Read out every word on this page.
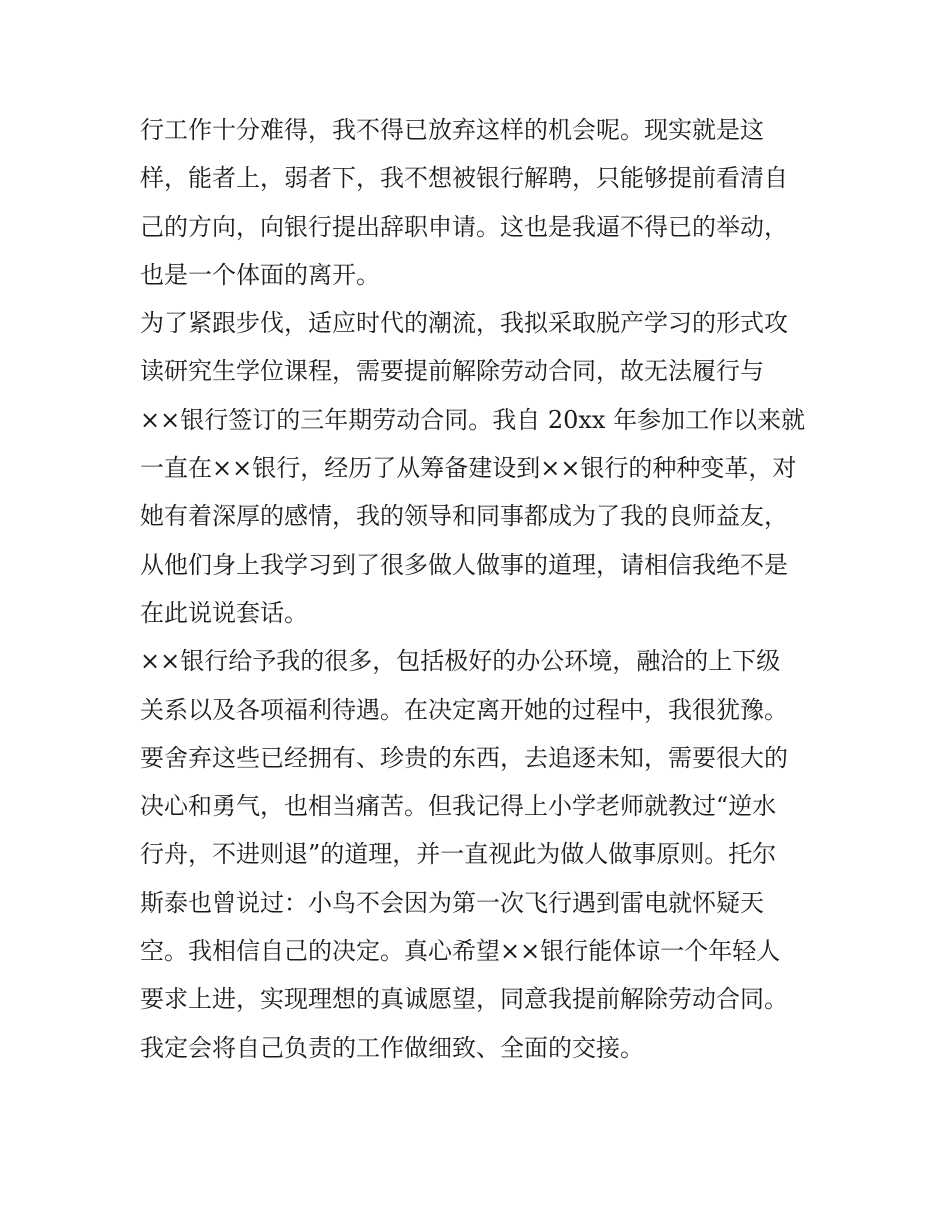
行工作十分难得，我不得已放弃这样的机会呢。现实就是这
样，能者上，弱者下，我不想被银行解聘，只能够提前看清自
己的方向，向银行提出辞职申请。这也是我逼不得已的举动，
也是一个体面的离开。
为了紧跟步伐，适应时代的潮流，我拟采取脱产学习的形式攻
读研究生学位课程，需要提前解除劳动合同，故无法履行与
××银行签订的三年期劳动合同。我自 20xx 年参加工作以来就
一直在××银行，经历了从筹备建设到××银行的种种变革，对
她有着深厚的感情，我的领导和同事都成为了我的良师益友，
从他们身上我学习到了很多做人做事的道理，请相信我绝不是
在此说说套话。
××银行给予我的很多，包括极好的办公环境，融洽的上下级
关系以及各项福利待遇。在决定离开她的过程中，我很犹豫。
要舍弃这些已经拥有、珍贵的东西，去追逐未知，需要很大的
决心和勇气，也相当痛苦。但我记得上小学老师就教过“逆水
行舟，不进则退”的道理，并一直视此为做人做事原则。托尔
斯泰也曾说过：小鸟不会因为第一次飞行遇到雷电就怀疑天
空。我相信自己的决定。真心希望××银行能体谅一个年轻人
要求上进，实现理想的真诚愿望，同意我提前解除劳动合同。
我定会将自己负责的工作做细致、全面的交接。
